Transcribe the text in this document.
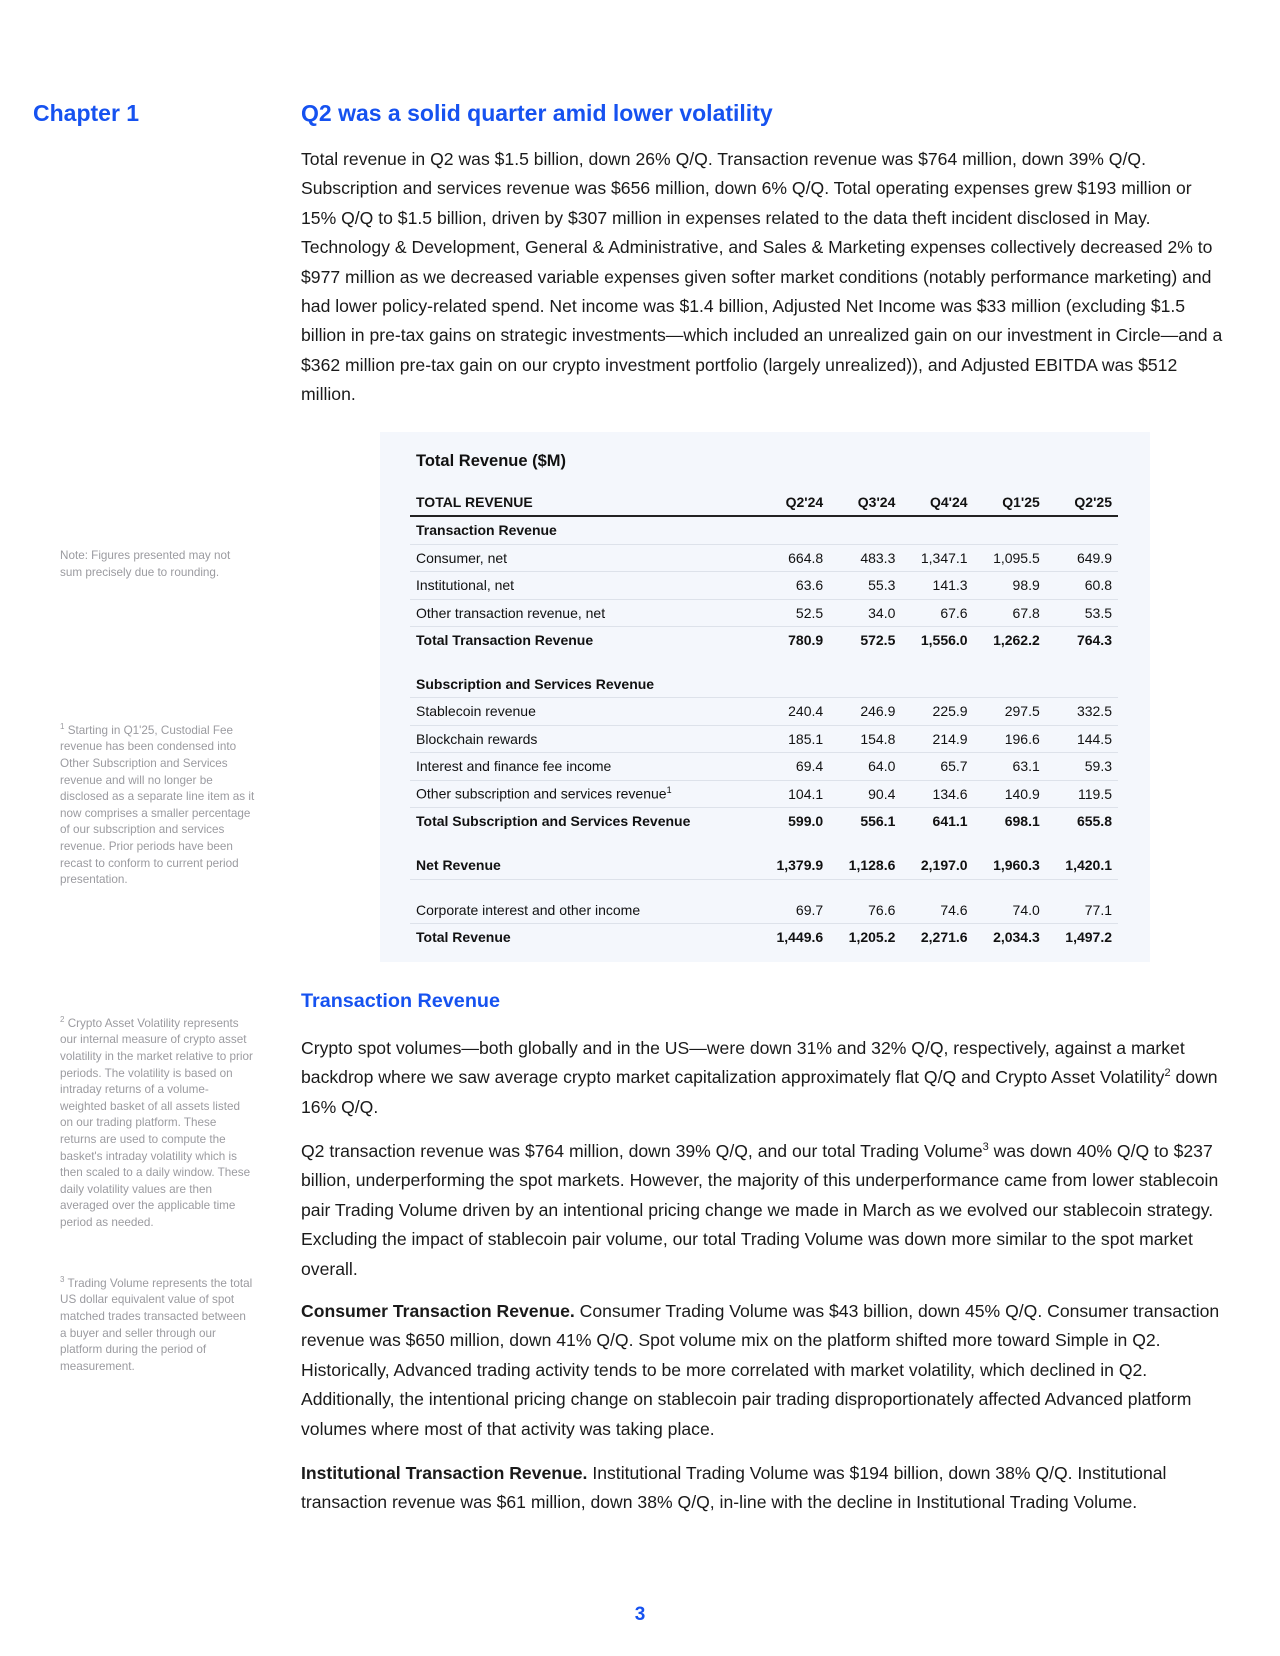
Chapter 1	Q2 was a solid quarter amid lower volatility

Total revenue in Q2 was $1.5 billion, down 26% Q/Q. Transaction revenue was $764 million, down 39% Q/Q. Subscription and services revenue was $656 million, down 6% Q/Q. Total operating expenses grew $193 million or 15% Q/Q to $1.5 billion, driven by $307 million in expenses related to the data theft incident disclosed in May. Technology & Development, General & Administrative, and Sales & Marketing expenses collectively decreased 2% to $977 million as we decreased variable expenses given softer market conditions (notably performance marketing) and had lower policy-related spend. Net income was $1.4 billion, Adjusted Net Income was $33 million (excluding $1.5 billion in pre-tax gains on strategic investments—which included an unrealized gain on our investment in Circle—and a $362 million pre-tax gain on our crypto investment portfolio (largely unrealized)), and Adjusted EBITDA was $512 million.

Note: Figures presented may not sum precisely due to rounding.

$^1$ Starting in Q1'25, Custodial Fee revenue has been condensed into Other Subscription and Services revenue and will no longer be disclosed as a separate line item as it now comprises a smaller percentage of our subscription and services revenue. Prior periods have been recast to conform to current period presentation.

$^2$ Crypto Asset Volatility represents our internal measure of crypto asset volatility in the market relative to prior periods. The volatility is based on intraday returns of a volume-weighted basket of all assets listed on our trading platform. These returns are used to compute the basket's intraday volatility which is then scaled to a daily window. These daily volatility values are then averaged over the applicable time period as needed.

$^3$ Trading Volume represents the total US dollar equivalent value of spot matched trades transacted between a buyer and seller through our platform during the period of measurement.

Total Revenue ($M)
TOTAL REVENUE	Q2'24	Q3'24	Q4'24	Q1'25	Q2'25
Transaction Revenue					
Consumer, net	664.8	483.3	1,347.1	1,095.5	649.9
Institutional, net	63.6	55.3	141.3	98.9	60.8
Other transaction revenue, net	52.5	34.0	67.6	67.8	53.5
Total Transaction Revenue	780.9	572.5	1,556.0	1,262.2	764.3

Subscription and Services Revenue					
Stablecoin revenue	240.4	246.9	225.9	297.5	332.5
Blockchain rewards	185.1	154.8	214.9	196.6	144.5
Interest and finance fee income	69.4	64.0	65.7	63.1	59.3
Other subscription and services revenue$^1$	104.1	90.4	134.6	140.9	119.5
Total Subscription and Services Revenue	599.0	556.1	641.1	698.1	655.8

Net Revenue	1,379.9	1,128.6	2,197.0	1,960.3	1,420.1

Corporate interest and other income	69.7	76.6	74.6	74.0	77.1
Total Revenue	1,449.6	1,205.2	2,271.6	2,034.3	1,497.2
Transaction Revenue

Crypto spot volumes—both globally and in the US—were down 31% and 32% Q/Q, respectively, against a market backdrop where we saw average crypto market capitalization approximately flat Q/Q and Crypto Asset Volatility$^2$ down 16% Q/Q.

Q2 transaction revenue was $764 million, down 39% Q/Q, and our total Trading Volume$^3$ was down 40% Q/Q to $237 billion, underperforming the spot markets. However, the majority of this underperformance came from lower stablecoin pair Trading Volume driven by an intentional pricing change we made in March as we evolved our stablecoin strategy. Excluding the impact of stablecoin pair volume, our total Trading Volume was down more similar to the spot market overall.

Consumer Transaction Revenue. Consumer Trading Volume was $43 billion, down 45% Q/Q. Consumer transaction revenue was $650 million, down 41% Q/Q. Spot volume mix on the platform shifted more toward Simple in Q2. Historically, Advanced trading activity tends to be more correlated with market volatility, which declined in Q2. Additionally, the intentional pricing change on stablecoin pair trading disproportionately affected Advanced platform volumes where most of that activity was taking place.

Institutional Transaction Revenue. Institutional Trading Volume was $194 billion, down 38% Q/Q. Institutional transaction revenue was $61 million, down 38% Q/Q, in-line with the decline in Institutional Trading Volume.

3
